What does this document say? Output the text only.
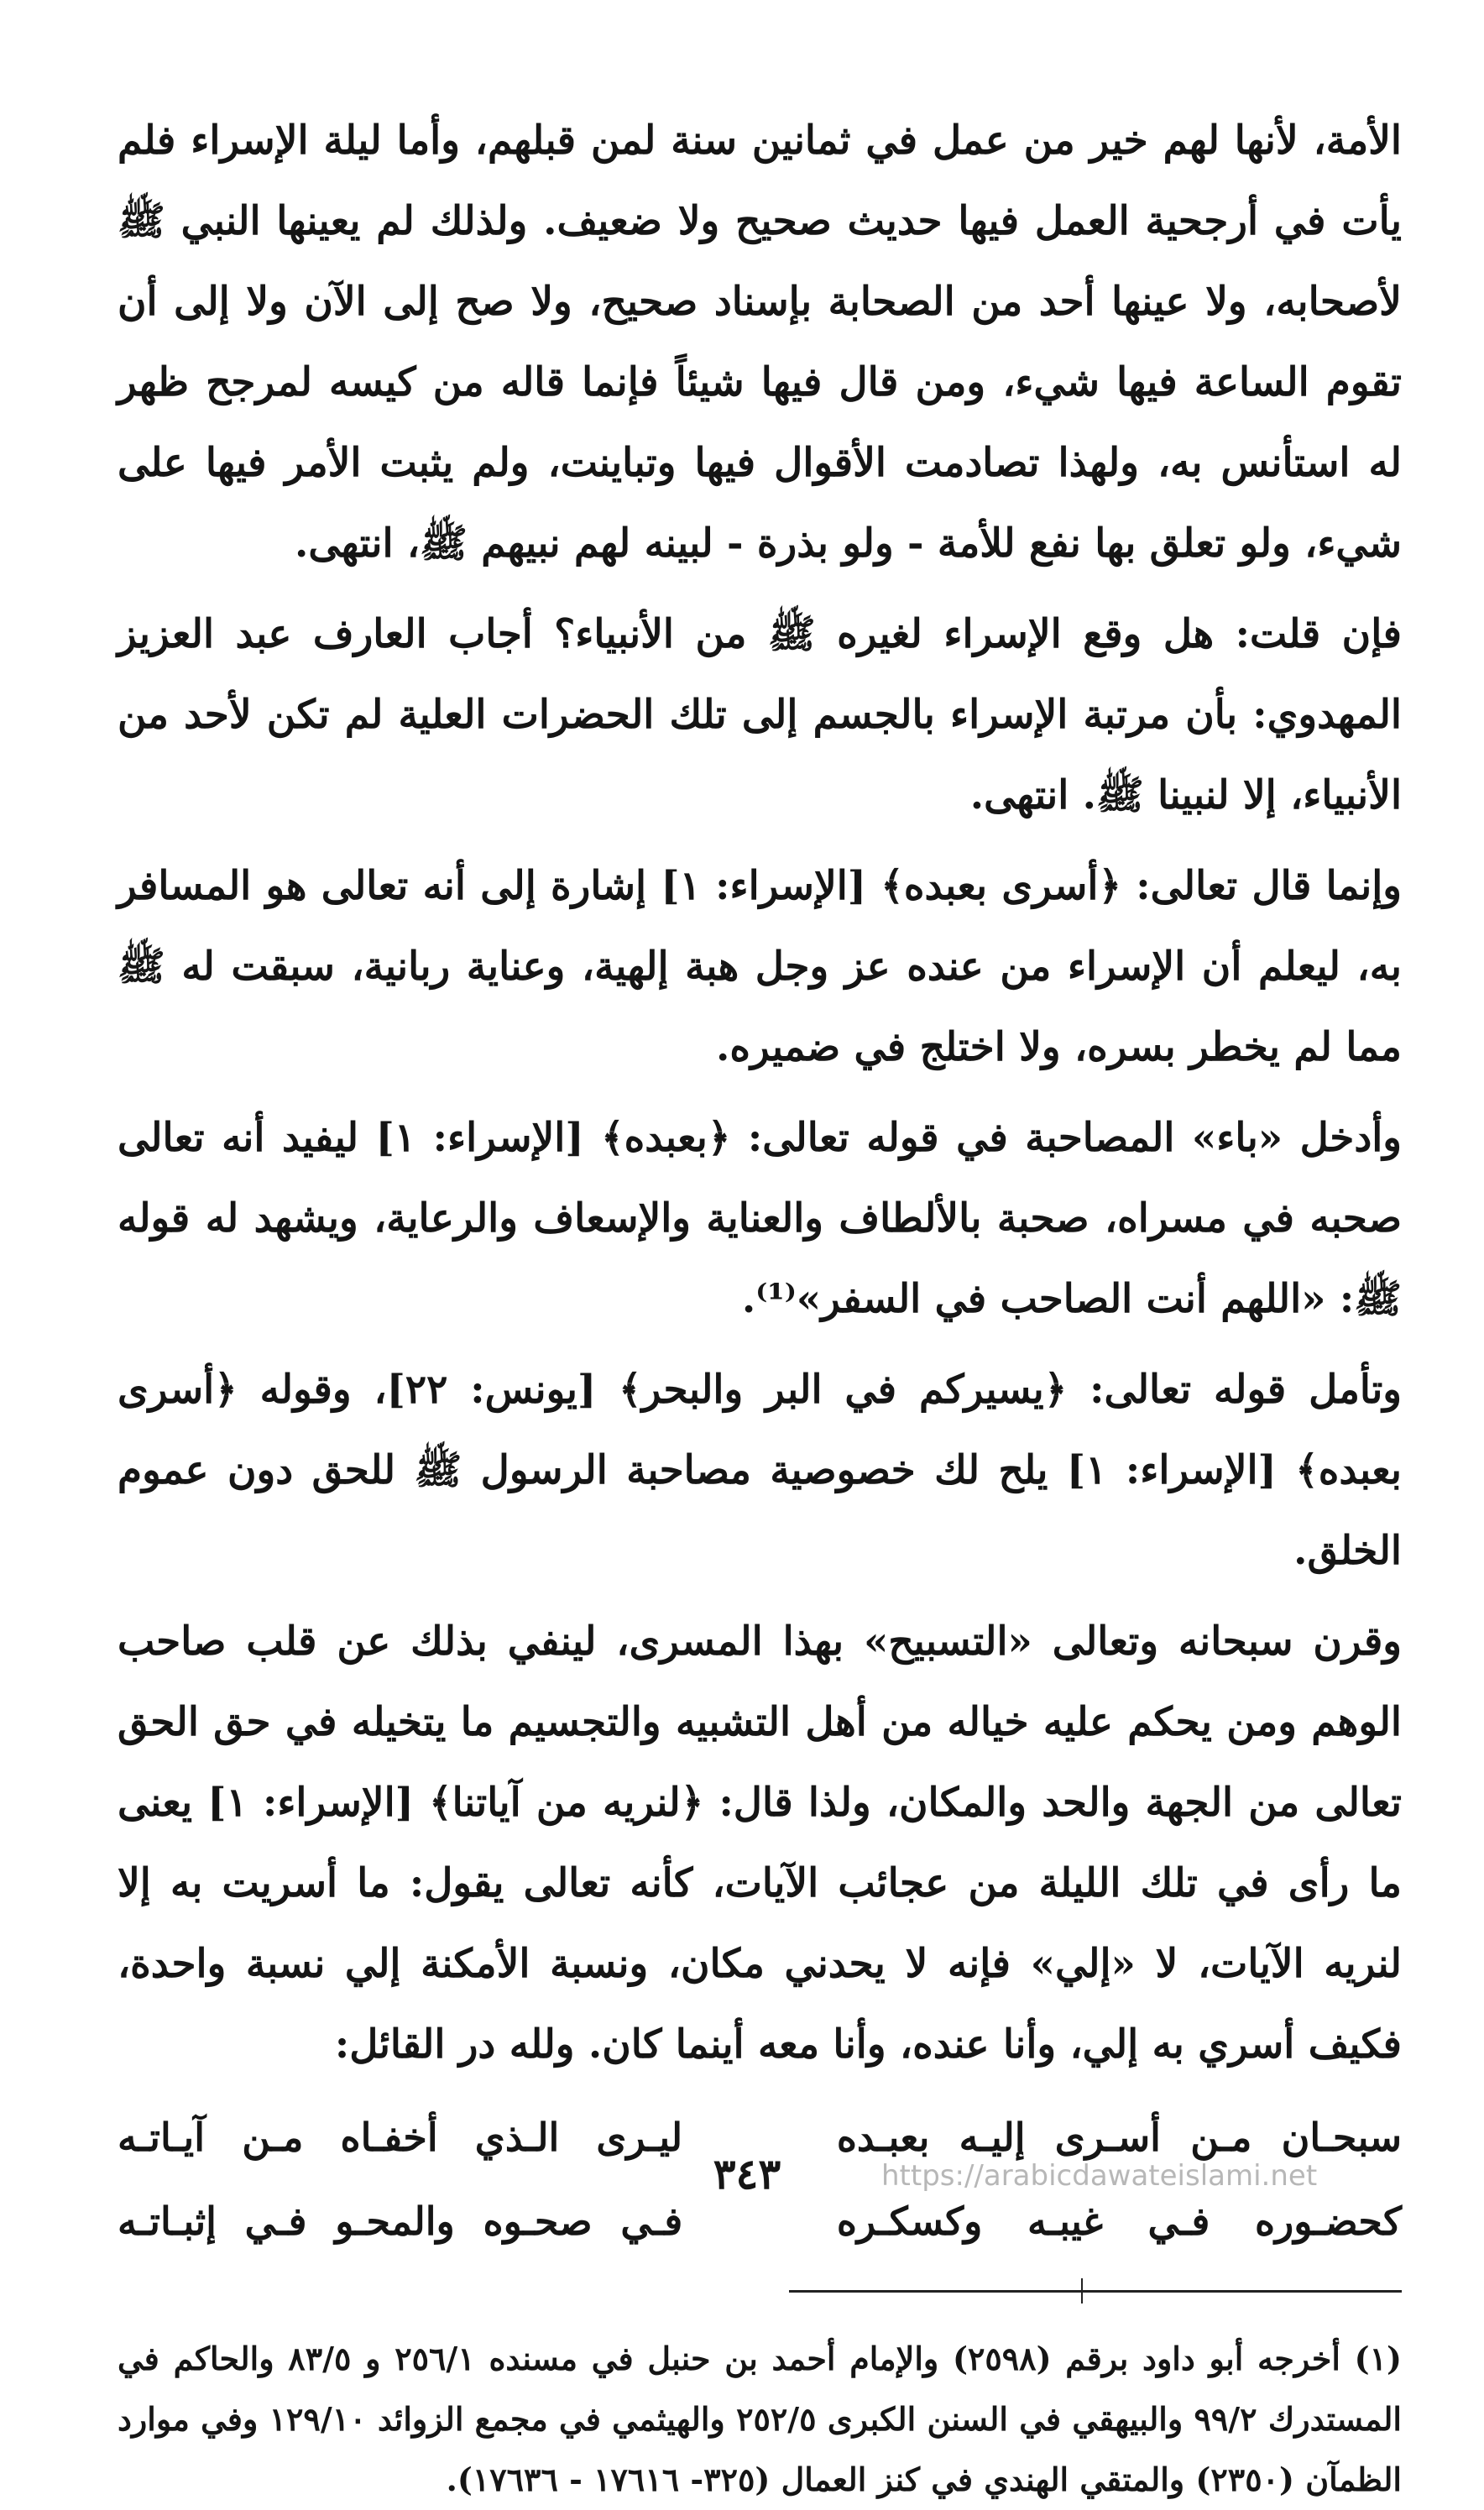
الأمة، لأنها لهم خير من عمل في ثمانين سنة لمن قبلهم، وأما ليلة الإسراء فلم يأت في أرجحية العمل فيها حديث صحيح ولا ضعيف. ولذلك لم يعينها النبي ﷺ لأصحابه، ولا عينها أحد من الصحابة بإسناد صحيح، ولا صح إلى الآن ولا إلى أن تقوم الساعة فيها شيء، ومن قال فيها شيئاً فإنما قاله من كيسه لمرجح ظهر له استأنس به، ولهذا تصادمت الأقوال فيها وتباينت، ولم يثبت الأمر فيها على شيء، ولو تعلق بها نفع للأمة - ولو بذرة - لبينه لهم نبيهم ﷺ، انتهى.

فإن قلت: هل وقع الإسراء لغيره ﷺ من الأنبياء؟ أجاب العارف عبد العزيز المهدوي: بأن مرتبة الإسراء بالجسم إلى تلك الحضرات العلية لم تكن لأحد من الأنبياء، إلا لنبينا ﷺ. انتهى.

وإنما قال تعالى: ﴿أسرى بعبده﴾ [الإسراء: ١] إشارة إلى أنه تعالى هو المسافر به، ليعلم أن الإسراء من عنده عز وجل هبة إلهية، وعناية ربانية، سبقت له ﷺ مما لم يخطر بسره، ولا اختلج في ضميره.

وأدخل «باء» المصاحبة في قوله تعالى: ﴿بعبده﴾ [الإسراء: ١] ليفيد أنه تعالى صحبه في مسراه، صحبة بالألطاف والعناية والإسعاف والرعاية، ويشهد له قوله ﷺ: «اللهم أنت الصاحب في السفر»⁽¹⁾.

وتأمل قوله تعالى: ﴿يسيركم في البر والبحر﴾ [يونس: ٢٢]، وقوله ﴿أسرى بعبده﴾ [الإسراء: ١] يلح لك خصوصية مصاحبة الرسول ﷺ للحق دون عموم الخلق.

وقرن سبحانه وتعالى «التسبيح» بهذا المسرى، لينفي بذلك عن قلب صاحب الوهم ومن يحكم عليه خياله من أهل التشبيه والتجسيم ما يتخيله في حق الحق تعالى من الجهة والحد والمكان، ولذا قال: ﴿لنريه من آياتنا﴾ [الإسراء: ١] يعنى ما رأى في تلك الليلة من عجائب الآيات، كأنه تعالى يقول: ما أسريت به إلا لنريه الآيات، لا «إلي» فإنه لا يحدني مكان، ونسبة الأمكنة إلي نسبة واحدة، فكيف أسري به إلي، وأنا عنده، وأنا معه أينما كان. ولله در القائل:

سبحـان مـن أسـرى إليـه بعبـده
ليـرى الـذي أخفـاه مـن آيـاتـه
كحضـوره فـي غيبـه وكسكـره
فـي صحـوه والمحـو فـي إثبـاتـه

(١) أخرجه أبو داود برقم (٢٥٩٨) والإمام أحمد بن حنبل في مسنده ٢٥٦/١ و ٨٣/٥ والحاكم في المستدرك ٩٩/٢ والبيهقي في السنن الكبرى ٢٥٢/٥ والهيثمي في مجمع الزوائد ١٢٩/١٠ وفي موارد الظمآن (٢٣٥٠) والمتقي الهندي في كنز العمال (٣٢٥- ١٧٦١٦ - ١٧٦٣٦).

٣٤٣	https://arabicdawateislami.net
